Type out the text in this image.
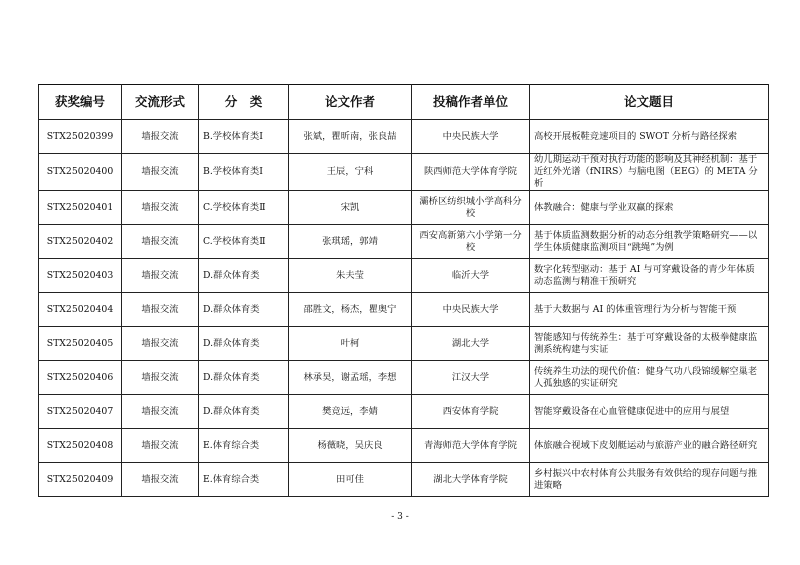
获奖编号	交流形式	分　类	论文作者	投稿作者单位	论文题目
STX25020399	墙报交流	B.学校体育类Ⅰ	张斌，瞿昕南，张良喆	中央民族大学	高校开展板鞋竞速项目的 SWOT 分析与路径探索
STX25020400	墙报交流	B.学校体育类Ⅰ	王辰，宁科	陕西师范大学体育学院	幼儿期运动干预对执行功能的影响及其神经机制：基于近红外光谱（fNIRS）与脑电图（EEG）的 META 分析
STX25020401	墙报交流	C.学校体育类Ⅱ	宋凯	灞桥区纺织城小学高科分校	体教融合：健康与学业双赢的探索
STX25020402	墙报交流	C.学校体育类Ⅱ	张琪瑶，郭靖	西安高新第六小学第一分校	基于体质监测数据分析的动态分组教学策略研究——以学生体质健康监测项目“跳绳”为例
STX25020403	墙报交流	D.群众体育类	朱夫莹	临沂大学	数字化转型驱动：基于 AI 与可穿戴设备的青少年体质动态监测与精准干预研究
STX25020404	墙报交流	D.群众体育类	邵胜文，杨杰，瞿奥宁	中央民族大学	基于大数据与 AI 的体重管理行为分析与智能干预
STX25020405	墙报交流	D.群众体育类	叶柯	湖北大学	智能感知与传统养生：基于可穿戴设备的太极拳健康监测系统构建与实证
STX25020406	墙报交流	D.群众体育类	林承昊，谢孟瑶，李想	江汉大学	传统养生功法的现代价值：健身气功八段锦缓解空巢老人孤独感的实证研究
STX25020407	墙报交流	D.群众体育类	樊竞远，李婧	西安体育学院	智能穿戴设备在心血管健康促进中的应用与展望
STX25020408	墙报交流	E.体育综合类	杨薇晓，吴庆良	青海师范大学体育学院	体旅融合视域下皮划艇运动与旅游产业的融合路径研究
STX25020409	墙报交流	E.体育综合类	田可佳	湖北大学体育学院	乡村振兴中农村体育公共服务有效供给的现存问题与推进策略
- 3 -
